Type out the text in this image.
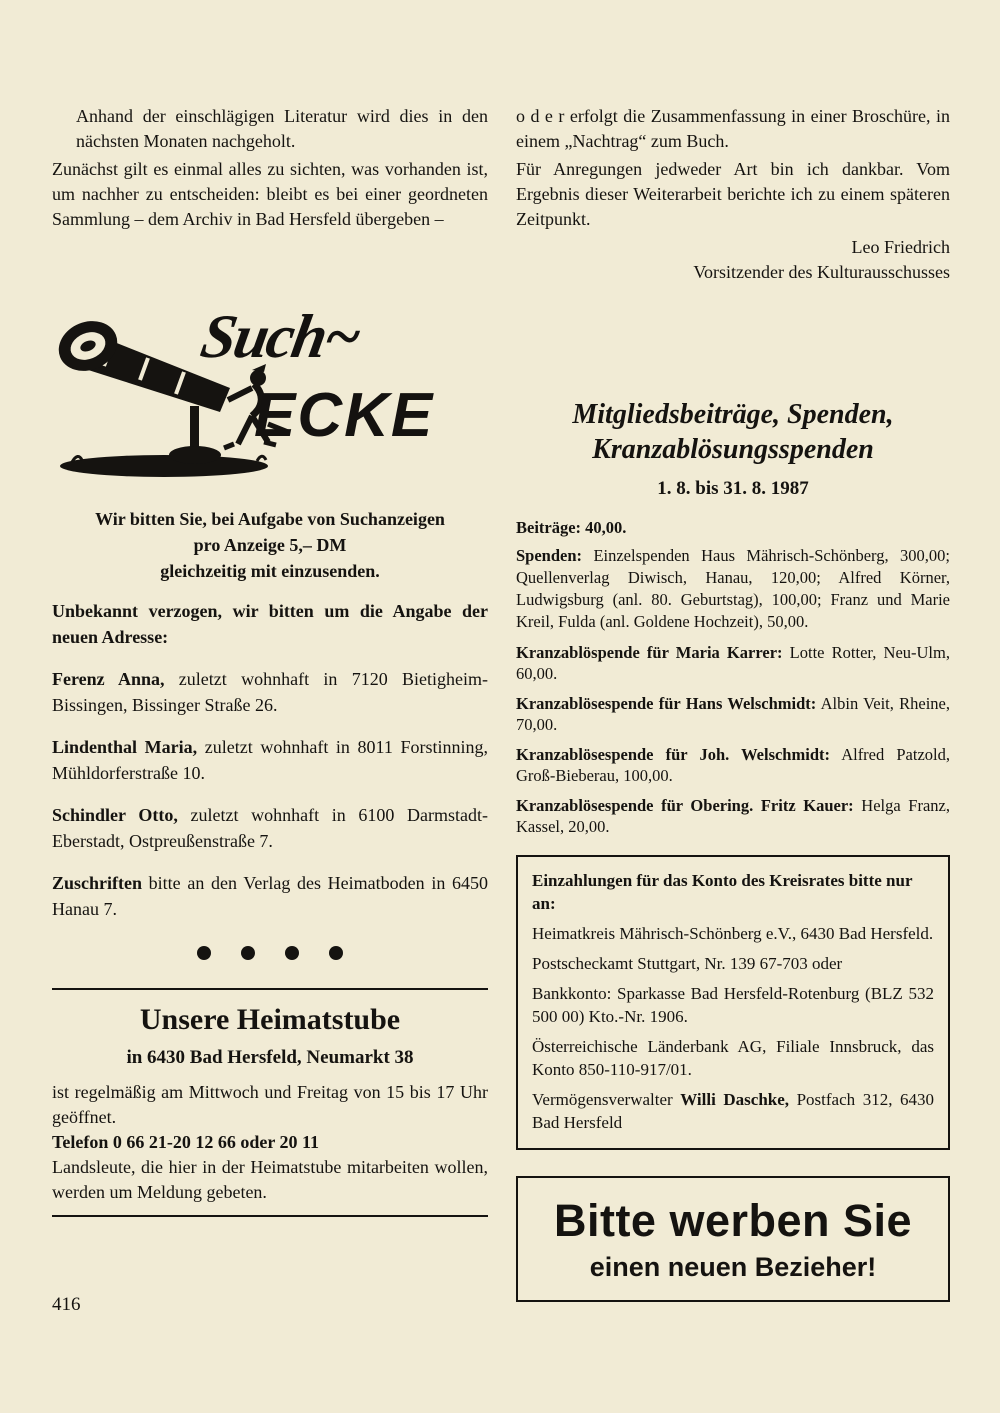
Anhand der einschlägigen Literatur wird dies in den nächsten Monaten nachgeholt.

Zunächst gilt es einmal alles zu sichten, was vorhanden ist, um nachher zu entscheiden: bleibt es bei einer geordneten Sammlung – dem Archiv in Bad Hersfeld übergeben –

Such~
ECKE

Wir bitten Sie, bei Aufgabe von Suchanzeigen

pro Anzeige 5,– DM

gleichzeitig mit einzusenden.

Unbekannt verzogen, wir bitten um die Angabe der neuen Adresse:

Ferenz Anna, zuletzt wohnhaft in 7120 Bietigheim-Bissingen, Bissinger Straße 26.

Lindenthal Maria, zuletzt wohnhaft in 8011 Forstinning, Mühldorferstraße 10.

Schindler Otto, zuletzt wohnhaft in 6100 Darmstadt-Eberstadt, Ostpreußenstraße 7.

Zuschriften bitte an den Verlag des Heimatboden in 6450 Hanau 7.

Unsere Heimatstube

in 6430 Bad Hersfeld, Neumarkt 38

ist regelmäßig am Mittwoch und Freitag von 15 bis 17 Uhr geöffnet.

Telefon 0 66 21-20 12 66 oder 20 11

Landsleute, die hier in der Heimatstube mitarbeiten wollen, werden um Meldung gebeten.

o d e r erfolgt die Zusammenfassung in einer Broschüre, in einem „Nachtrag“ zum Buch.

Für Anregungen jedweder Art bin ich dankbar. Vom Ergebnis dieser Weiterarbeit berichte ich zu einem späteren Zeitpunkt.

Leo Friedrich

Vorsitzender des Kulturausschusses

Mitgliedsbeiträge, Spenden,

Kranzablösungsspenden

1. 8. bis 31. 8. 1987

Beiträge: 40,00.

Spenden: Einzelspenden Haus Mährisch-Schönberg, 300,00; Quellenverlag Diwisch, Hanau, 120,00; Alfred Körner, Ludwigsburg (anl. 80. Geburtstag), 100,00; Franz und Marie Kreil, Fulda (anl. Goldene Hochzeit), 50,00.

Kranzablöspende für Maria Karrer: Lotte Rotter, Neu-Ulm, 60,00.

Kranzablösespende für Hans Welschmidt: Albin Veit, Rheine, 70,00.

Kranzablösespende für Joh. Welschmidt: Alfred Patzold, Groß-Bieberau, 100,00.

Kranzablösespende für Obering. Fritz Kauer: Helga Franz, Kassel, 20,00.

Einzahlungen für das Konto des Kreisrates bitte nur an:

Heimatkreis Mährisch-Schönberg e.V., 6430 Bad Hersfeld.

Postscheckamt Stuttgart, Nr. 139 67-703 oder

Bankkonto: Sparkasse Bad Hersfeld-Rotenburg (BLZ 532 500 00) Kto.-Nr. 1906.

Österreichische Länderbank AG, Filiale Innsbruck, das Konto 850-110-917/01.

Vermögensverwalter Willi Daschke, Postfach 312, 6430 Bad Hersfeld

Bitte werben Sie

einen neuen Bezieher!

416
